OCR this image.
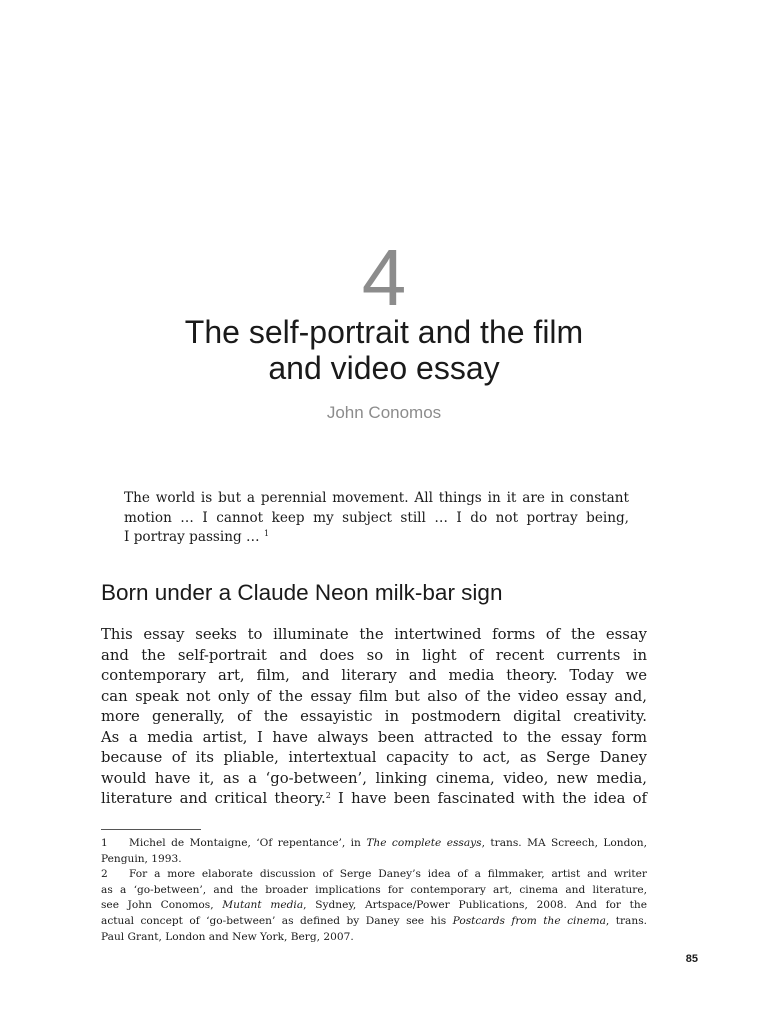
4
The self-portrait and the film
and video essay
John Conomos
The world is but a perennial movement. All things in it are in constant
motion … I cannot keep my subject still … I do not portray being,
I portray passing … $^1$
Born under a Claude Neon milk-bar sign
This essay seeks to illuminate the intertwined forms of the essay
and the self-portrait and does so in light of recent currents in
contemporary art, film, and literary and media theory. Today we
can speak not only of the essay film but also of the video essay and,
more generally, of the essayistic in postmodern digital creativity.
As a media artist, I have always been attracted to the essay form
because of its pliable, intertextual capacity to act, as Serge Daney
would have it, as a ‘go-between’, linking cinema, video, new media,
literature and critical theory.$^2$ I have been fascinated with the idea of
1 Michel de Montaigne, ‘Of repentance’, in The complete essays, trans. MA Screech, London,
Penguin, 1993.
2 For a more elaborate discussion of Serge Daney’s idea of a filmmaker, artist and writer
as a ‘go-between’, and the broader implications for contemporary art, cinema and literature,
see John Conomos, Mutant media, Sydney, Artspace/Power Publications, 2008. And for the
actual concept of ‘go-between’ as defined by Daney see his Postcards from the cinema, trans.
Paul Grant, London and New York, Berg, 2007.
85
